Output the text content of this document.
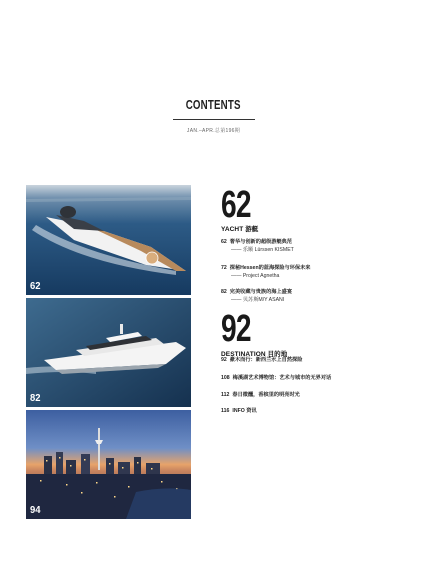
CONTENTS
JAN.–APR.总第196期
62
82
94
62
YACHT 游艇
62 奢华与创新的超级游艇典范
—— 乐顺 Lürssen KISMET
72 探秘Hessen的蓝海探险与环保未来
—— Project Agnetha
82 完美收藏与贵族的海上盛宴
—— 贝苏斯M/Y ASANI
92
DESTINATION 目的地
92 豪木而行：新西兰水上自然探险
108 梅溪湖艺术博物馆：艺术与城市的无界对话
112 春日微醺，香槟里的明亮时光
116 INFO 资讯
